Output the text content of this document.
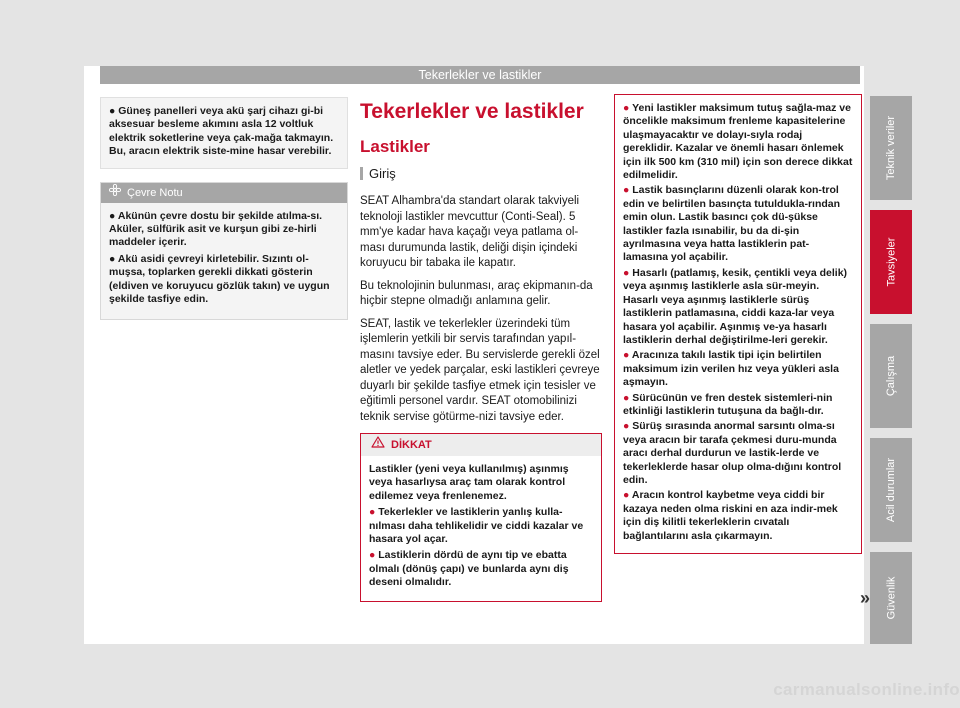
Tekerlekler ve lastikler
● Güneş panelleri veya akü şarj cihazı gi-bi aksesuar besleme akımını asla 12 voltluk elektrik soketlerine veya çak-mağa takmayın. Bu, aracın elektrik siste-mine hasar verebilir.
Çevre Notu

● Akünün çevre dostu bir şekilde atılma-sı. Aküler, sülfürik asit ve kurşun gibi ze-hirli maddeler içerir.

● Akü asidi çevreyi kirletebilir. Sızıntı ol-muşsa, toplarken gerekli dikkati gösterin (eldiven ve koruyucu gözlük takın) ve uygun şekilde tasfiye edin.

Tekerlekler ve lastikler
Lastikler
Giriş

SEAT Alhambra'da standart olarak takviyeli teknoloji lastikler mevcuttur (Conti-Seal). 5 mm'ye kadar hava kaçağı veya patlama ol-ması durumunda lastik, deliği dişin içindeki koruyucu bir tabaka ile kapatır.

Bu teknolojinin bulunması, araç ekipmanın-da hiçbir stepne olmadığı anlamına gelir.

SEAT, lastik ve tekerlekler üzerindeki tüm işlemlerin yetkili bir servis tarafından yapıl-masını tavsiye eder. Bu servislerde gerekli özel aletler ve yedek parçalar, eski lastikleri çevreye duyarlı bir şekilde tasfiye etmek için tesisler ve eğitimli personel vardır. SEAT otomobilinizi teknik servise götürme-nizi tavsiye eder.

DİKKAT

Lastikler (yeni veya kullanılmış) aşınmış veya hasarlıysa araç tam olarak kontrol edilemez veya frenlenemez.

● Tekerlekler ve lastiklerin yanlış kulla-nılması daha tehlikelidir ve ciddi kazalar ve hasara yol açar.

● Lastiklerin dördü de aynı tip ve ebatta olmalı (dönüş çapı) ve bunlarda aynı diş deseni olmalıdır.

● Yeni lastikler maksimum tutuş sağla-maz ve öncelikle maksimum frenleme kapasitelerine ulaşmayacaktır ve dolayı-sıyla rodaj gereklidir. Kazalar ve önemli hasarı önlemek için ilk 500 km (310 mil) için son derece dikkat edilmelidir.

● Lastik basınçlarını düzenli olarak kon-trol edin ve belirtilen basınçta tutuldukla-rından emin olun. Lastik basıncı çok dü-şükse lastikler fazla ısınabilir, bu da di-şin ayrılmasına veya hatta lastiklerin pat-lamasına yol açabilir.

● Hasarlı (patlamış, kesik, çentikli veya delik) veya aşınmış lastiklerle asla sür-meyin. Hasarlı veya aşınmış lastiklerle sürüş lastiklerin patlamasına, ciddi kaza-lar veya hasara yol açabilir. Aşınmış ve-ya hasarlı lastiklerin derhal değiştirilme-leri gerekir.

● Aracınıza takılı lastik tipi için belirtilen maksimum izin verilen hız veya yükleri asla aşmayın.

● Sürücünün ve fren destek sistemleri-nin etkinliği lastiklerin tutuşuna da bağlı-dır.

● Sürüş sırasında anormal sarsıntı olma-sı veya aracın bir tarafa çekmesi duru-munda aracı derhal durdurun ve lastik-lerde ve tekerleklerde hasar olup olma-dığını kontrol edin.

● Aracın kontrol kaybetme veya ciddi bir kazaya neden olma riskini en aza indir-mek için diş kilitli tekerleklerin cıvatalı bağlantılarını asla çıkarmayın.

»
Teknik veriler
Tavsiyeler
Çalışma
Acil durumlar
Güvenlik
carmanualsonline.info
